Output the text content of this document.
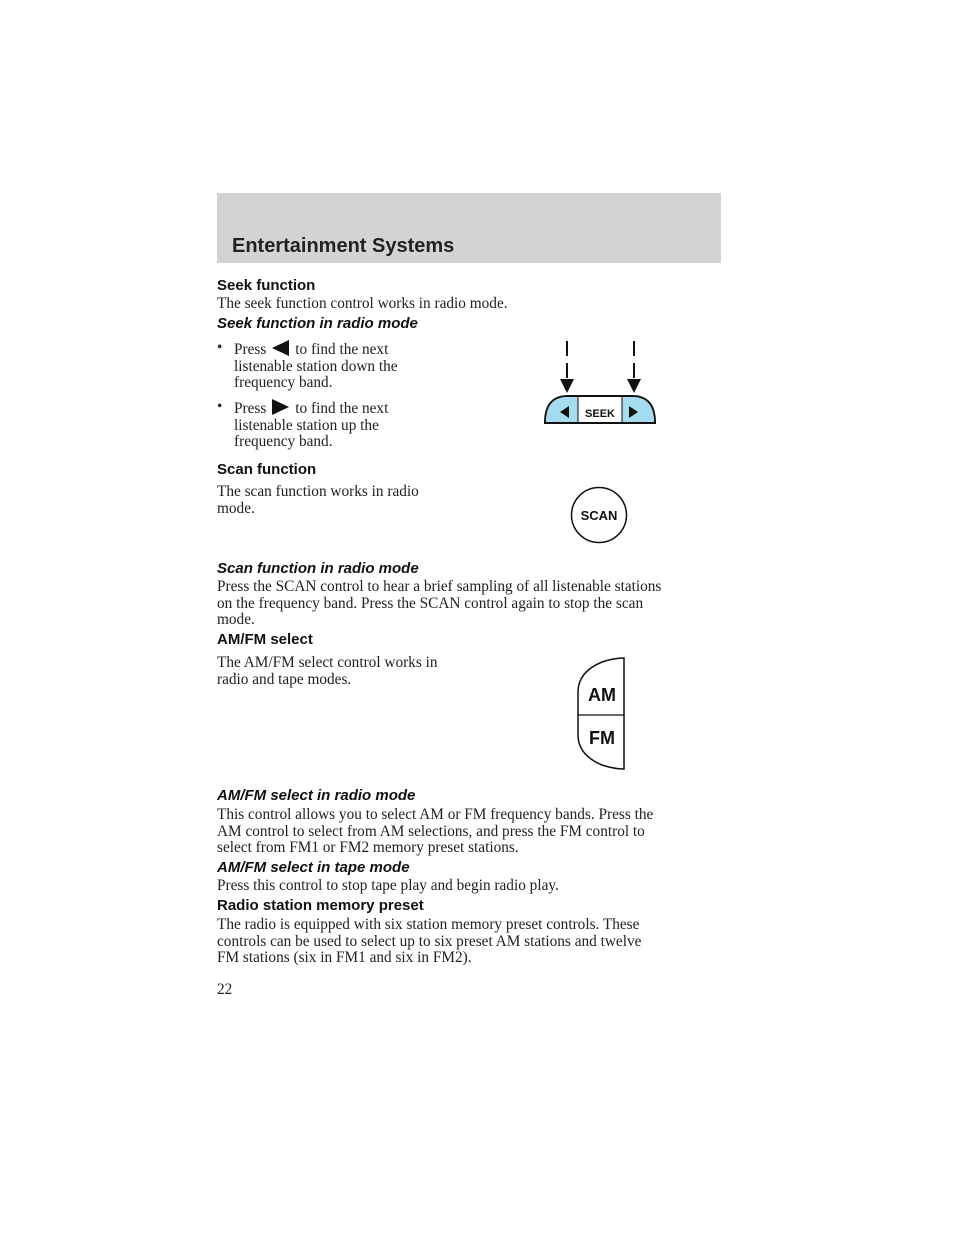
Entertainment Systems
Seek function
The seek function control works in radio mode.
Seek function in radio mode
• Press to find the next
listenable station down the
frequency band.
• Press to find the next
listenable station up the
frequency band.
SEEK
Scan function
The scan function works in radio
mode.	SCAN
Scan function in radio mode
Press the SCAN control to hear a brief sampling of all listenable stations
on the frequency band. Press the SCAN control again to stop the scan
mode.
AM/FM select
The AM/FM select control works in
radio and tape modes.
AM
FM
AM/FM select in radio mode
This control allows you to select AM or FM frequency bands. Press the
AM control to select from AM selections, and press the FM control to
select from FM1 or FM2 memory preset stations.
AM/FM select in tape mode
Press this control to stop tape play and begin radio play.
Radio station memory preset
The radio is equipped with six station memory preset controls. These
controls can be used to select up to six preset AM stations and twelve
FM stations (six in FM1 and six in FM2).
22
